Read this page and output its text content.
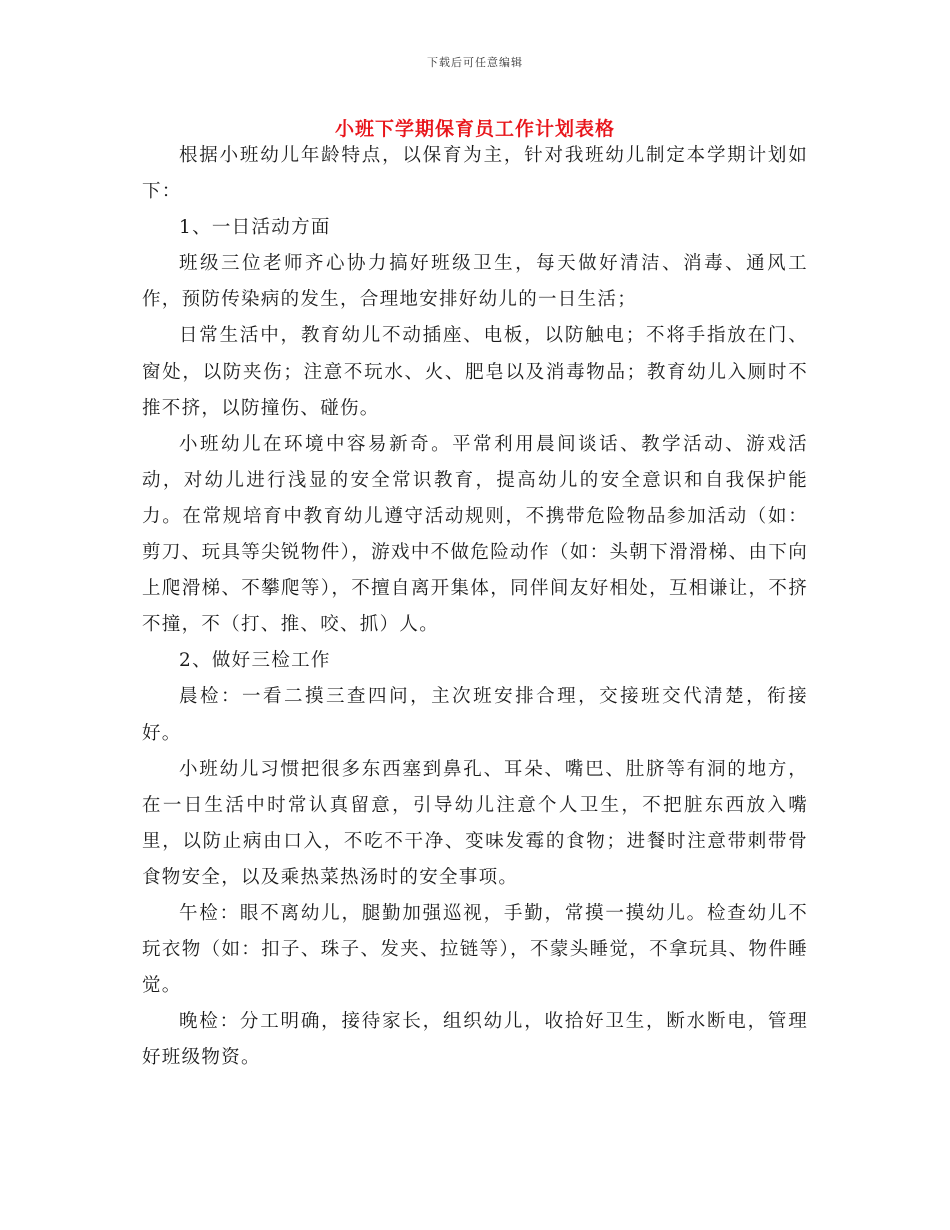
下载后可任意编辑
小班下学期保育员工作计划表格

根据小班幼儿年龄特点，以保育为主，针对我班幼儿制定本学期计划如下：

1、一日活动方面

班级三位老师齐心协力搞好班级卫生，每天做好清洁、消毒、通风工作，预防传染病的发生，合理地安排好幼儿的一日生活；

日常生活中，教育幼儿不动插座、电板，以防触电；不将手指放在门、窗处，以防夹伤；注意不玩水、火、肥皂以及消毒物品；教育幼儿入厕时不推不挤，以防撞伤、碰伤。

小班幼儿在环境中容易新奇。平常利用晨间谈话、教学活动、游戏活动，对幼儿进行浅显的安全常识教育，提高幼儿的安全意识和自我保护能力。在常规培育中教育幼儿遵守活动规则，不携带危险物品参加活动（如：剪刀、玩具等尖锐物件），游戏中不做危险动作（如：头朝下滑滑梯、由下向上爬滑梯、不攀爬等），不擅自离开集体，同伴间友好相处，互相谦让，不挤不撞，不（打、推、咬、抓）人。

2、做好三检工作

晨检：一看二摸三查四问，主次班安排合理，交接班交代清楚，衔接好。

小班幼儿习惯把很多东西塞到鼻孔、耳朵、嘴巴、肚脐等有洞的地方，在一日生活中时常认真留意，引导幼儿注意个人卫生，不把脏东西放入嘴里，以防止病由口入，不吃不干净、变味发霉的食物；进餐时注意带刺带骨食物安全，以及乘热菜热汤时的安全事项。

午检：眼不离幼儿，腿勤加强巡视，手勤，常摸一摸幼儿。检查幼儿不玩衣物（如：扣子、珠子、发夹、拉链等），不蒙头睡觉，不拿玩具、物件睡觉。

晚检：分工明确，接待家长，组织幼儿，收拾好卫生，断水断电，管理好班级物资。
